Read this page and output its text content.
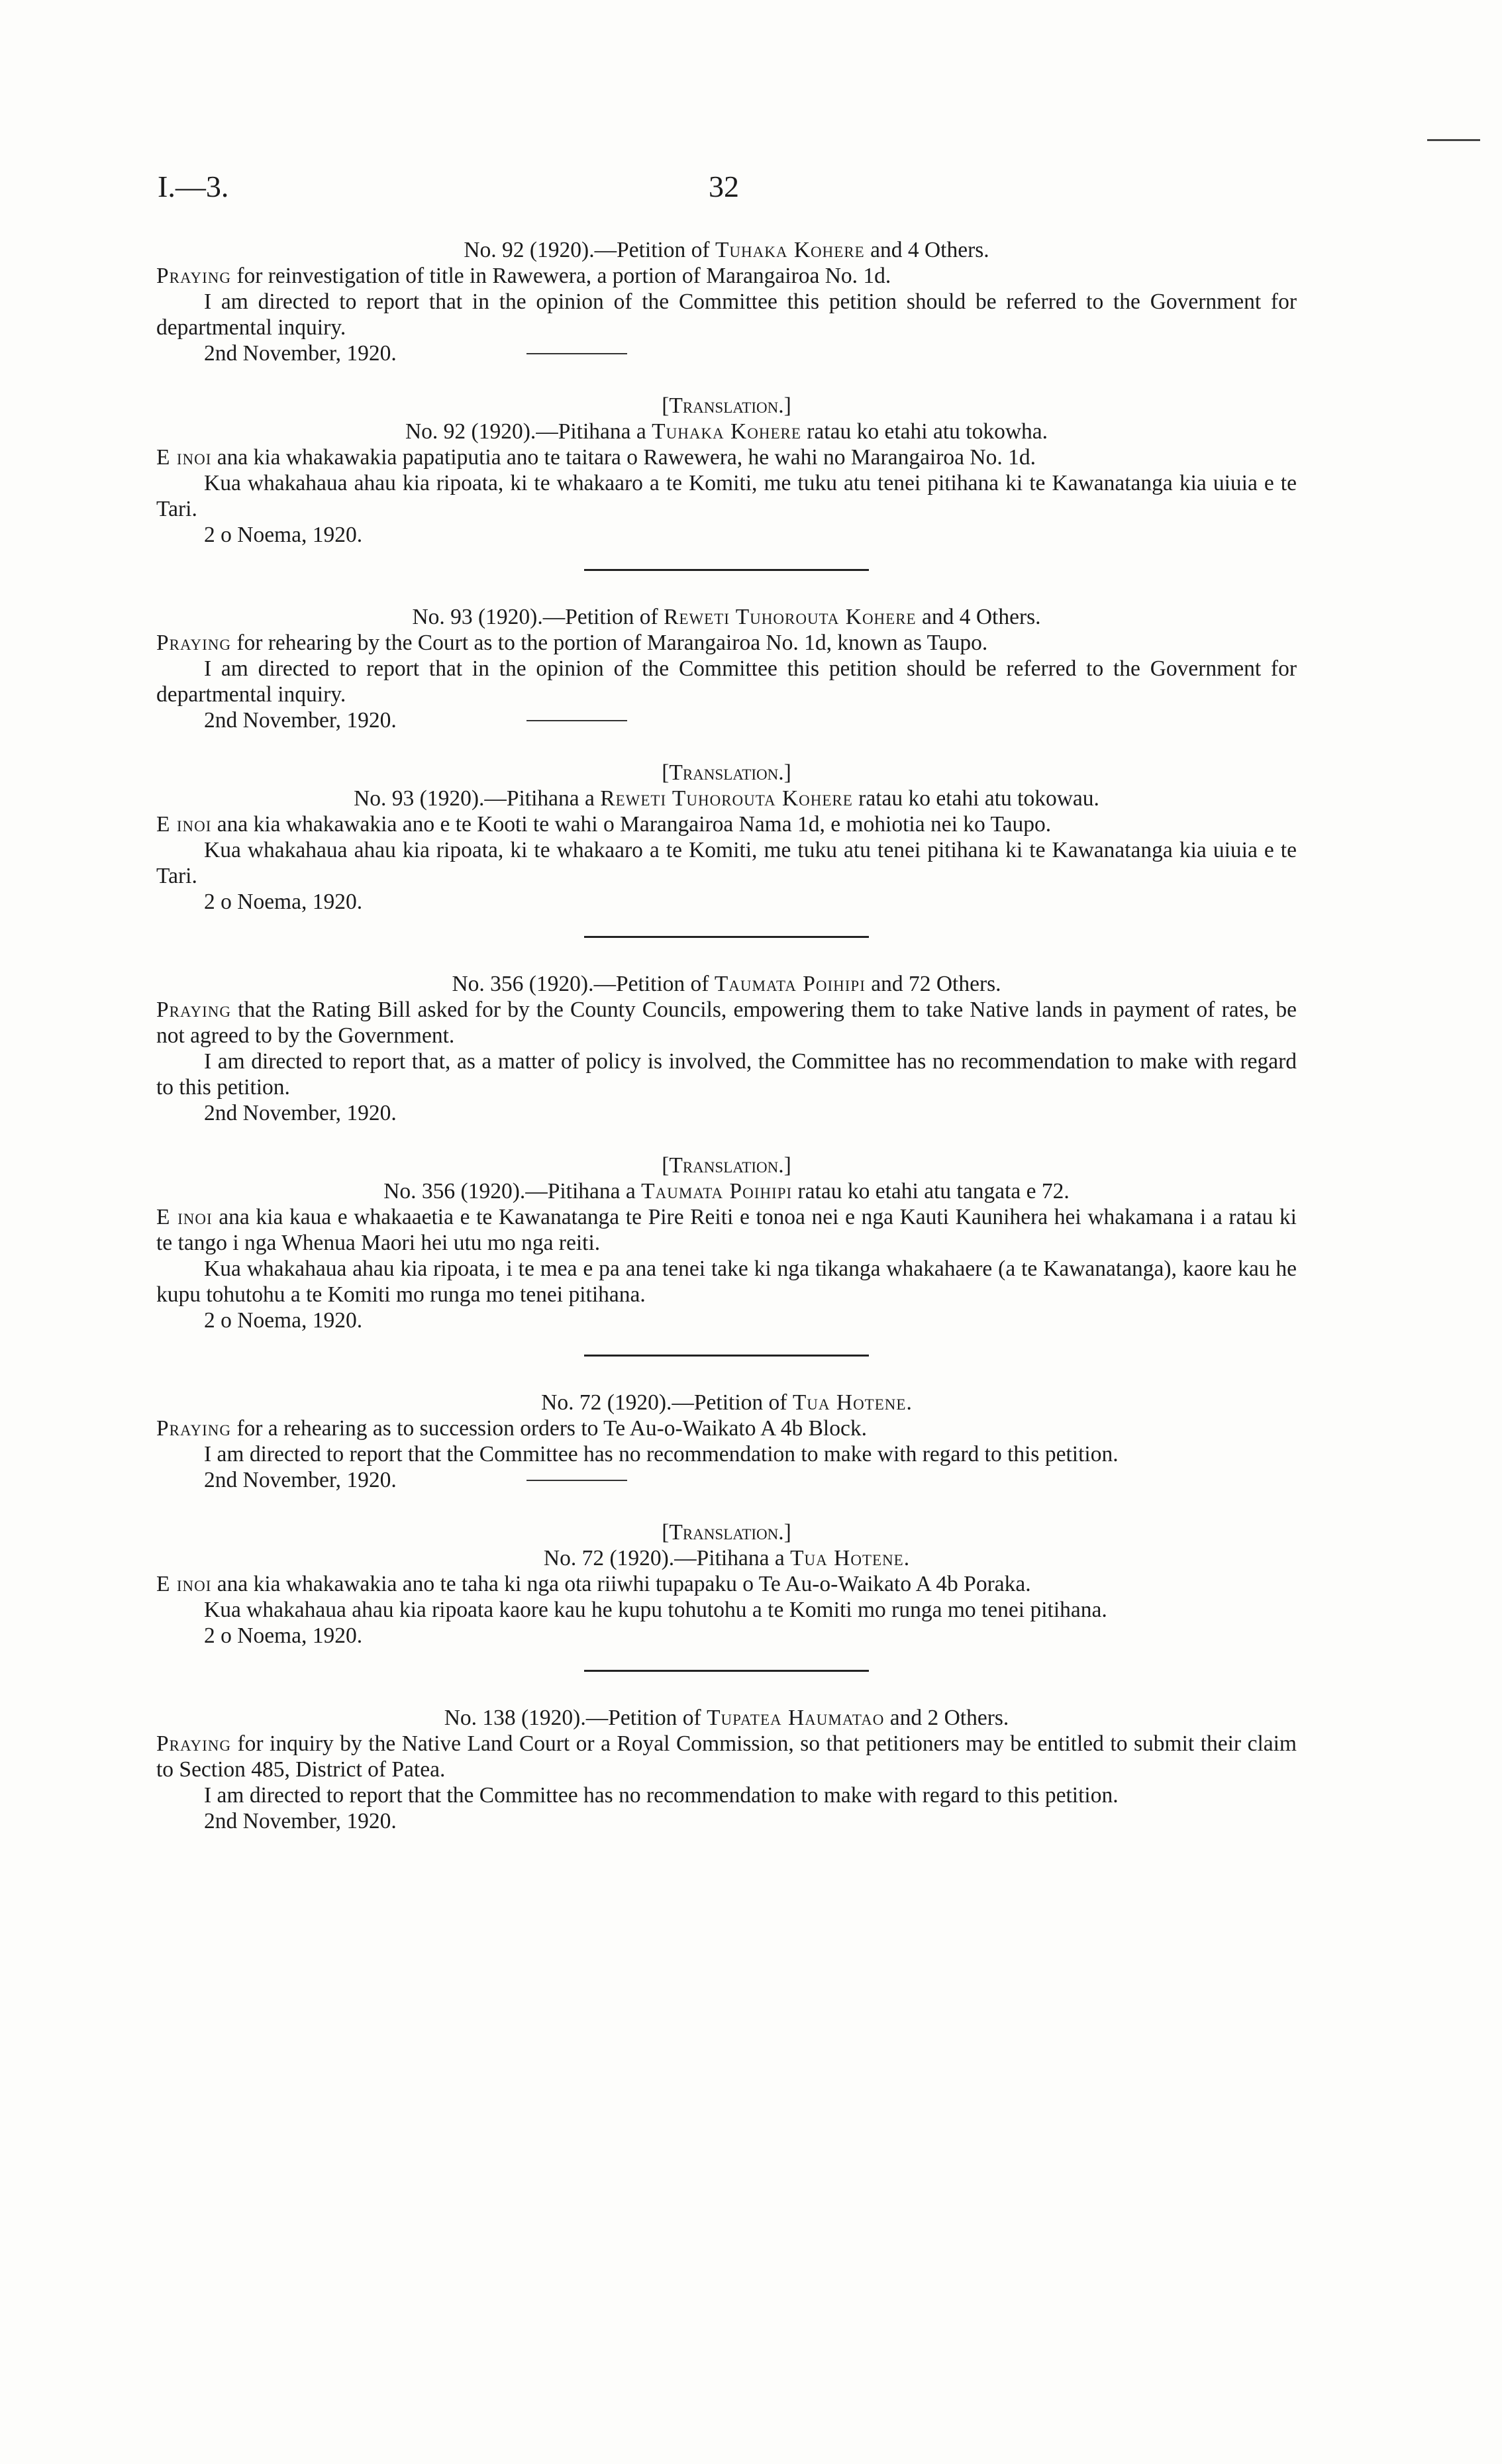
I.—3.	32

No. 92 (1920).—Petition of Tuhaka Kohere and 4 Others.

Praying for reinvestigation of title in Rawewera, a portion of Marangairoa No. 1d.

I am directed to report that in the opinion of the Committee this petition should be referred to the Government for departmental inquiry.

2nd November, 1920.

[Translation.]

No. 92 (1920).—Pitihana a Tuhaka Kohere ratau ko etahi atu tokowha.

E inoi ana kia whakawakia papatiputia ano te taitara o Rawewera, he wahi no Marangairoa No. 1d.

Kua whakahaua ahau kia ripoata, ki te whakaaro a te Komiti, me tuku atu tenei pitihana ki te Kawanatanga kia uiuia e te Tari.

2 o Noema, 1920.

No. 93 (1920).—Petition of Reweti Tuhorouta Kohere and 4 Others.

Praying for rehearing by the Court as to the portion of Marangairoa No. 1d, known as Taupo.

I am directed to report that in the opinion of the Committee this petition should be referred to the Government for departmental inquiry.

2nd November, 1920.

[Translation.]

No. 93 (1920).—Pitihana a Reweti Tuhorouta Kohere ratau ko etahi atu tokowau.

E inoi ana kia whakawakia ano e te Kooti te wahi o Marangairoa Nama 1d, e mohiotia nei ko Taupo.

Kua whakahaua ahau kia ripoata, ki te whakaaro a te Komiti, me tuku atu tenei pitihana ki te Kawanatanga kia uiuia e te Tari.

2 o Noema, 1920.

No. 356 (1920).—Petition of Taumata Poihipi and 72 Others.

Praying that the Rating Bill asked for by the County Councils, empowering them to take Native lands in payment of rates, be not agreed to by the Government.

I am directed to report that, as a matter of policy is involved, the Committee has no recommendation to make with regard to this petition.

2nd November, 1920.

[Translation.]

No. 356 (1920).—Pitihana a Taumata Poihipi ratau ko etahi atu tangata e 72.

E inoi ana kia kaua e whakaaetia e te Kawanatanga te Pire Reiti e tonoa nei e nga Kauti Kaunihera hei whakamana i a ratau ki te tango i nga Whenua Maori hei utu mo nga reiti.

Kua whakahaua ahau kia ripoata, i te mea e pa ana tenei take ki nga tikanga whakahaere (a te Kawanatanga), kaore kau he kupu tohutohu a te Komiti mo runga mo tenei pitihana.

2 o Noema, 1920.

No. 72 (1920).—Petition of Tua Hotene.

Praying for a rehearing as to succession orders to Te Au-o-Waikato A 4b Block.

I am directed to report that the Committee has no recommendation to make with regard to this petition.

2nd November, 1920.

[Translation.]

No. 72 (1920).—Pitihana a Tua Hotene.

E inoi ana kia whakawakia ano te taha ki nga ota riiwhi tupapaku o Te Au-o-Waikato A 4b Poraka.

Kua whakahaua ahau kia ripoata kaore kau he kupu tohutohu a te Komiti mo runga mo tenei pitihana.

2 o Noema, 1920.

No. 138 (1920).—Petition of Tupatea Haumatao and 2 Others.

Praying for inquiry by the Native Land Court or a Royal Commission, so that petitioners may be entitled to submit their claim to Section 485, District of Patea.

I am directed to report that the Committee has no recommendation to make with regard to this petition.

2nd November, 1920.
